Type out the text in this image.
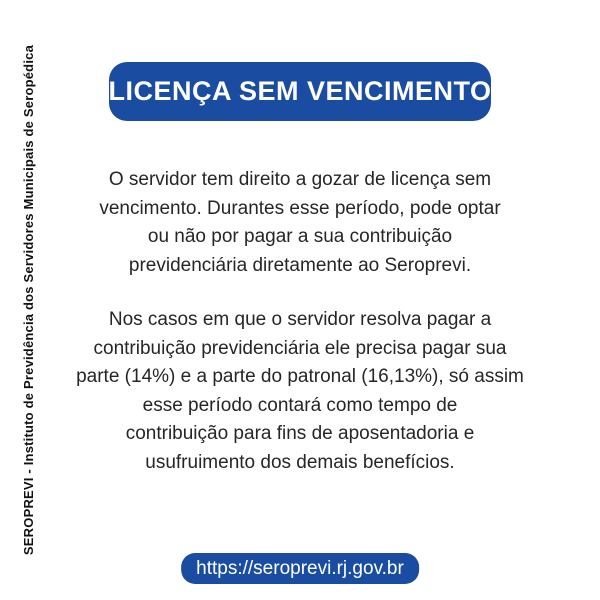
SEROPREVI - Instituto de Previdência dos Servidores Municipais de Seropédica	LICENÇA SEM VENCIMENTO

O servidor tem direito a gozar de licença sem
vencimento. Durantes esse período, pode optar
ou não por pagar a sua contribuição
previdenciária diretamente ao Seroprevi.

Nos casos em que o servidor resolva pagar a
contribuição previdenciária ele precisa pagar sua
parte (14%) e a parte do patronal (16,13%), só assim
esse período contará como tempo de
contribuição para fins de aposentadoria e
usufruimento dos demais benefícios.

https://seroprevi.rj.gov.br
